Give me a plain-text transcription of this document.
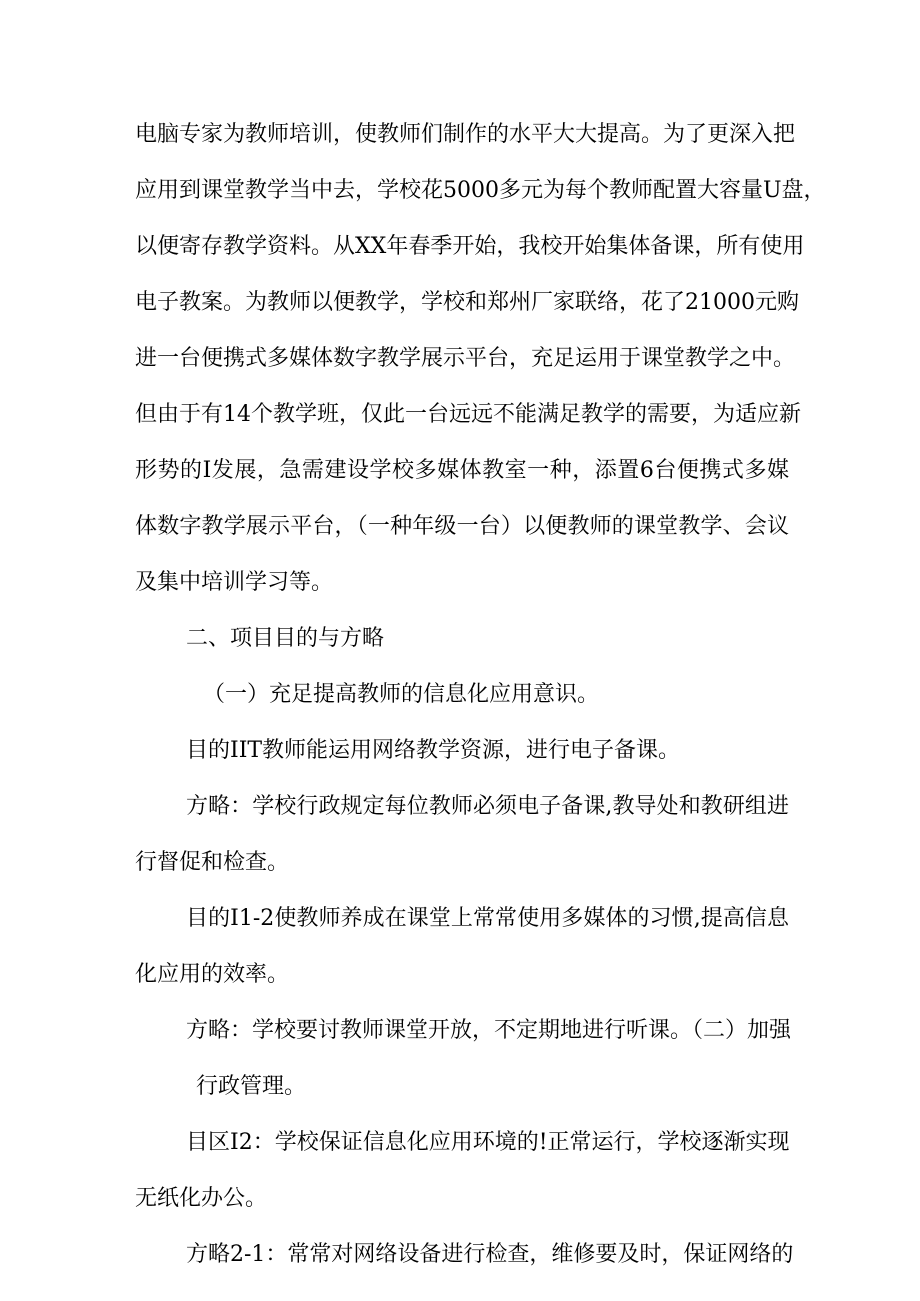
电脑专家为教师培训，使教师们制作的水平大大提高。为了更深入把
应用到课堂教学当中去，学校花5000多元为每个教师配置大容量U盘，
以便寄存教学资料。从XX年春季开始，我校开始集体备课，所有使用
电子教案。为教师以便教学，学校和郑州厂家联络，花了21000元购
进一台便携式多媒体数字教学展示平台，充足运用于课堂教学之中。
但由于有14个教学班，仅此一台远远不能满足教学的需要，为适应新
形势的I发展，急需建设学校多媒体教室一种，添置6台便携式多媒
体数字教学展示平台，（一种年级一台）以便教师的课堂教学、会议
及集中培训学习等。
二、项目目的与方略
（一）充足提高教师的信息化应用意识。
目的IIT教师能运用网络教学资源，进行电子备课。
方略：学校行政规定每位教师必须电子备课,教导处和教研组进
行督促和检查。
目的I1-2使教师养成在课堂上常常使用多媒体的习惯,提高信息
化应用的效率。
方略：学校要讨教师课堂开放，不定期地进行听课。（二）加强
行政管理。
目区I2：学校保证信息化应用环境的!正常运行，学校逐渐实现
无纸化办公。
方略2-1：常常对网络设备进行检查，维修要及时，保证网络的
